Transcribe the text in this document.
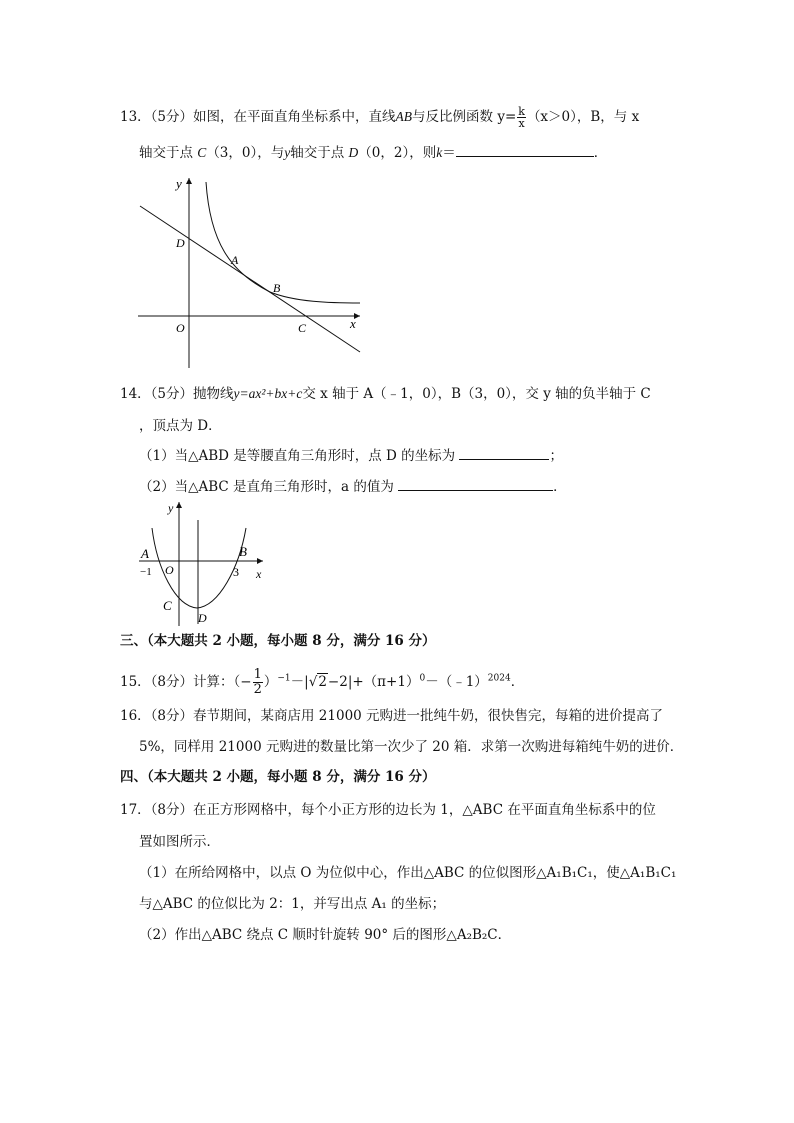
13．（5分）如图，在平面直角坐标系中，直线AB与反比例函数 $y= \frac{k}{x} (x>0)$，B，与 x
轴交于点 C（3，0），与y轴交于点 D（0，2），则k＝	．
y
x
O
D
A
B
C
14．（5分）抛物线y=ax²+bx+c交 x 轴于 A（﹣1，0），B（3，0），交 y 轴的负半轴于 C
，顶点为 D．
（1）当△ABD 是等腰直角三角形时，点 D 的坐标为	；
（2）当△ABC 是直角三角形时，a 的值为	．
y
x
A	B
−1 O	3
C
D
三、（本大题共 2 小题，每小题 8 分，满分 16 分）
15．（8分）计算：（− $\frac{1}{2}$ ）$^{-1}-|√2-2|+(\pi+1)^0-(﹣1)^{2024}$．
16．（8分）春节期间，某商店用 21000 元购进一批纯牛奶，很快售完，每箱的进价提高了
5%，同样用 21000 元购进的数量比第一次少了 20 箱．求第一次购进每箱纯牛奶的进价．
四、（本大题共 2 小题，每小题 8 分，满分 16 分）
17．（8分）在正方形网格中，每个小正方形的边长为 1，△ABC 在平面直角坐标系中的位
置如图所示．
（1）在所给网格中，以点 O 为位似中心，作出△ABC 的位似图形△A₁B₁C₁，使△A₁B₁C₁
与△ABC 的位似比为 2：1，并写出点 A₁ 的坐标；
（2）作出△ABC 绕点 C 顺时针旋转 90° 后的图形△A₂B₂C．
